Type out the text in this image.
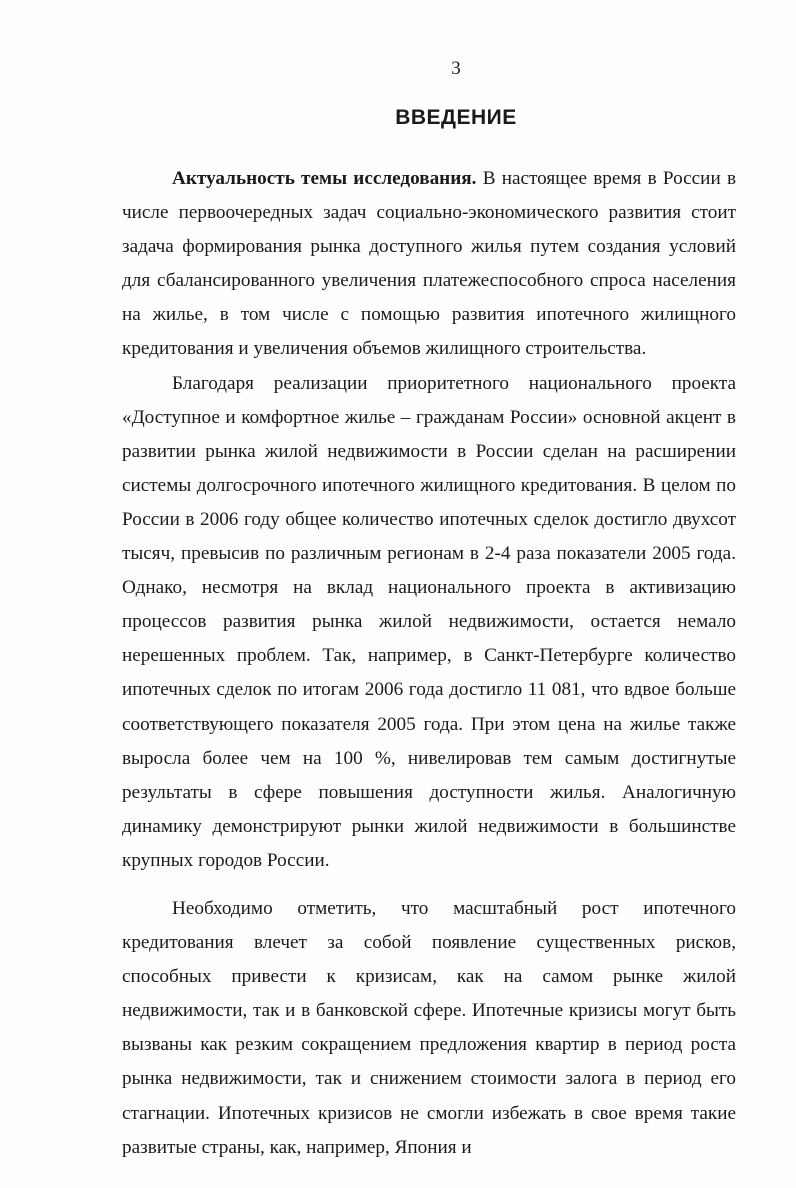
3
ВВЕДЕНИЕ

Актуальность темы исследования. В настоящее время в России в числе первоочередных задач социально-экономического развития стоит задача формирования рынка доступного жилья путем создания условий для сбалансированного увеличения платежеспособного спроса населения на жилье, в том числе с помощью развития ипотечного жилищного кредитования и увеличения объемов жилищного строительства.

Благодаря реализации приоритетного национального проекта «Доступное и комфортное жилье – гражданам России» основной акцент в развитии рынка жилой недвижимости в России сделан на расширении системы долгосрочного ипотечного жилищного кредитования. В целом по России в 2006 году общее количество ипотечных сделок достигло двухсот тысяч, превысив по различным регионам в 2-4 раза показатели 2005 года. Однако, несмотря на вклад национального проекта в активизацию процессов развития рынка жилой недвижимости, остается немало нерешенных проблем. Так, например, в Санкт-Петербурге количество ипотечных сделок по итогам 2006 года достигло 11 081, что вдвое больше соответствующего показателя 2005 года. При этом цена на жилье также выросла более чем на 100 %, нивелировав тем самым достигнутые результаты в сфере повышения доступности жилья. Аналогичную динамику демонстрируют рынки жилой недвижимости в большинстве крупных городов России.

Необходимо отметить, что масштабный рост ипотечного кредитования влечет за собой появление существенных рисков, способных привести к кризисам, как на самом рынке жилой недвижимости, так и в банковской сфере. Ипотечные кризисы могут быть вызваны как резким сокращением предложения квартир в период роста рынка недвижимости, так и снижением стоимости залога в период его стагнации. Ипотечных кризисов не смогли избежать в свое время такие развитые страны, как, например, Япония и
